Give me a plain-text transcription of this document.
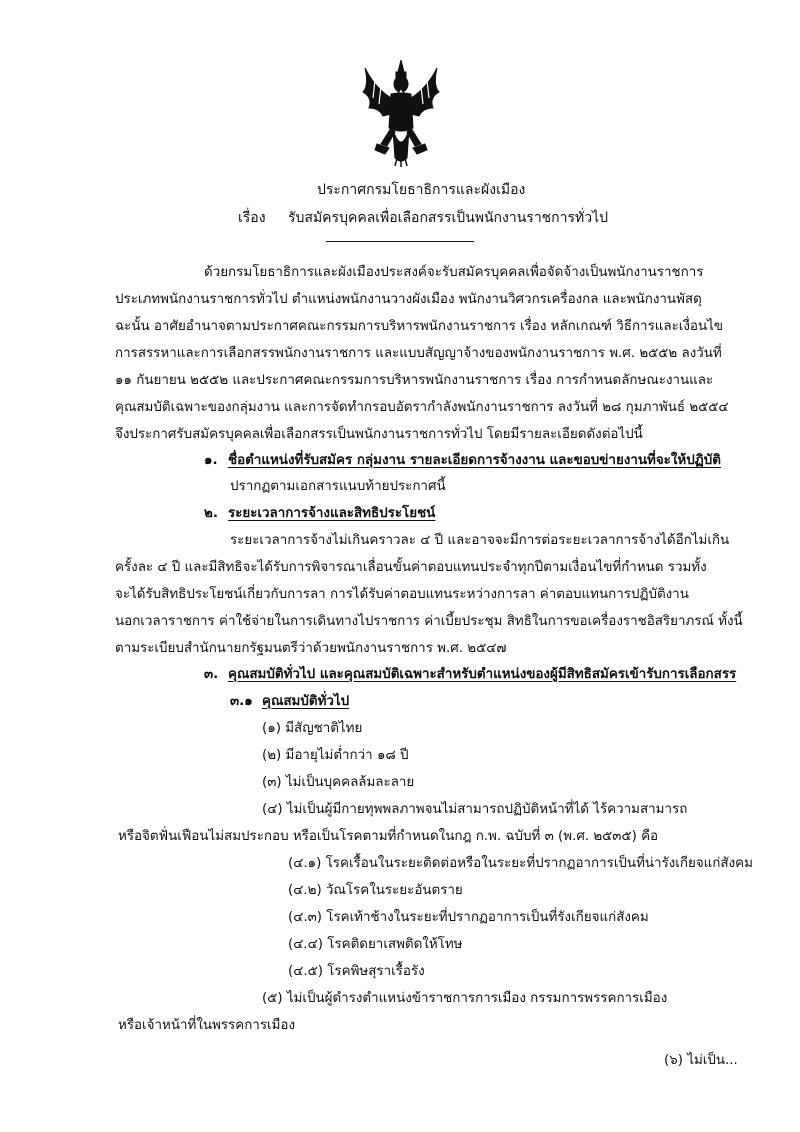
ประกาศกรมโยธาธิการและผังเมือง
เรื่อง รับสมัครบุคคลเพื่อเลือกสรรเป็นพนักงานราชการทั่วไป
ด้วยกรมโยธาธิการและผังเมืองประสงค์จะรับสมัครบุคคลเพื่อจัดจ้างเป็นพนักงานราชการ
ประเภทพนักงานราชการทั่วไป ตำแหน่งพนักงานวางผังเมือง พนักงานวิศวกรเครื่องกล และพนักงานพัสดุ
ฉะนั้น อาศัยอำนาจตามประกาศคณะกรรมการบริหารพนักงานราชการ เรื่อง หลักเกณฑ์ วิธีการและเงื่อนไข
การสรรหาและการเลือกสรรพนักงานราชการ และแบบสัญญาจ้างของพนักงานราชการ พ.ศ. ๒๕๕๒ ลงวันที่
๑๑ กันยายน ๒๕๕๒ และประกาศคณะกรรมการบริหารพนักงานราชการ เรื่อง การกำหนดลักษณะงานและ
คุณสมบัติเฉพาะของกลุ่มงาน และการจัดทำกรอบอัตรากำลังพนักงานราชการ ลงวันที่ ๒๘ กุมภาพันธ์ ๒๕๕๔
จึงประกาศรับสมัครบุคคลเพื่อเลือกสรรเป็นพนักงานราชการทั่วไป โดยมีรายละเอียดดังต่อไปนี้
๑. ชื่อตำแหน่งที่รับสมัคร กลุ่มงาน รายละเอียดการจ้างงาน และขอบข่ายงานที่จะให้ปฏิบัติ
ปรากฏตามเอกสารแนบท้ายประกาศนี้
๒. ระยะเวลาการจ้างและสิทธิประโยชน์
ระยะเวลาการจ้างไม่เกินคราวละ ๔ ปี และอาจจะมีการต่อระยะเวลาการจ้างได้อีกไม่เกิน
ครั้งละ ๔ ปี และมีสิทธิจะได้รับการพิจารณาเลื่อนขั้นค่าตอบแทนประจำทุกปีตามเงื่อนไขที่กำหนด รวมทั้ง
จะได้รับสิทธิประโยชน์เกี่ยวกับการลา การได้รับค่าตอบแทนระหว่างการลา ค่าตอบแทนการปฏิบัติงาน
นอกเวลาราชการ ค่าใช้จ่ายในการเดินทางไปราชการ ค่าเบี้ยประชุม สิทธิในการขอเครื่องราชอิสริยาภรณ์ ทั้งนี้
ตามระเบียบสำนักนายกรัฐมนตรีว่าด้วยพนักงานราชการ พ.ศ. ๒๕๔๗
๓. คุณสมบัติทั่วไป และคุณสมบัติเฉพาะสำหรับตำแหน่งของผู้มีสิทธิสมัครเข้ารับการเลือกสรร
๓.๑ คุณสมบัติทั่วไป
(๑) มีสัญชาติไทย
(๒) มีอายุไม่ต่ำกว่า ๑๘ ปี
(๓) ไม่เป็นบุคคลล้มละลาย
(๔) ไม่เป็นผู้มีกายทุพพลภาพจนไม่สามารถปฏิบัติหน้าที่ได้ ไร้ความสามารถ
หรือจิตฟั่นเฟือนไม่สมประกอบ หรือเป็นโรคตามที่กำหนดในกฎ ก.พ. ฉบับที่ ๓ (พ.ศ. ๒๕๓๕) คือ
(๔.๑) โรคเรื้อนในระยะติดต่อหรือในระยะที่ปรากฏอาการเป็นที่น่ารังเกียจแก่สังคม
(๔.๒) วัณโรคในระยะอันตราย
(๔.๓) โรคเท้าช้างในระยะที่ปรากฏอาการเป็นที่รังเกียจแก่สังคม
(๔.๔) โรคติดยาเสพติดให้โทษ
(๔.๕) โรคพิษสุราเรื้อรัง
(๕) ไม่เป็นผู้ดำรงตำแหน่งข้าราชการการเมือง กรรมการพรรคการเมือง
หรือเจ้าหน้าที่ในพรรคการเมือง
(๖) ไม่เป็น...
